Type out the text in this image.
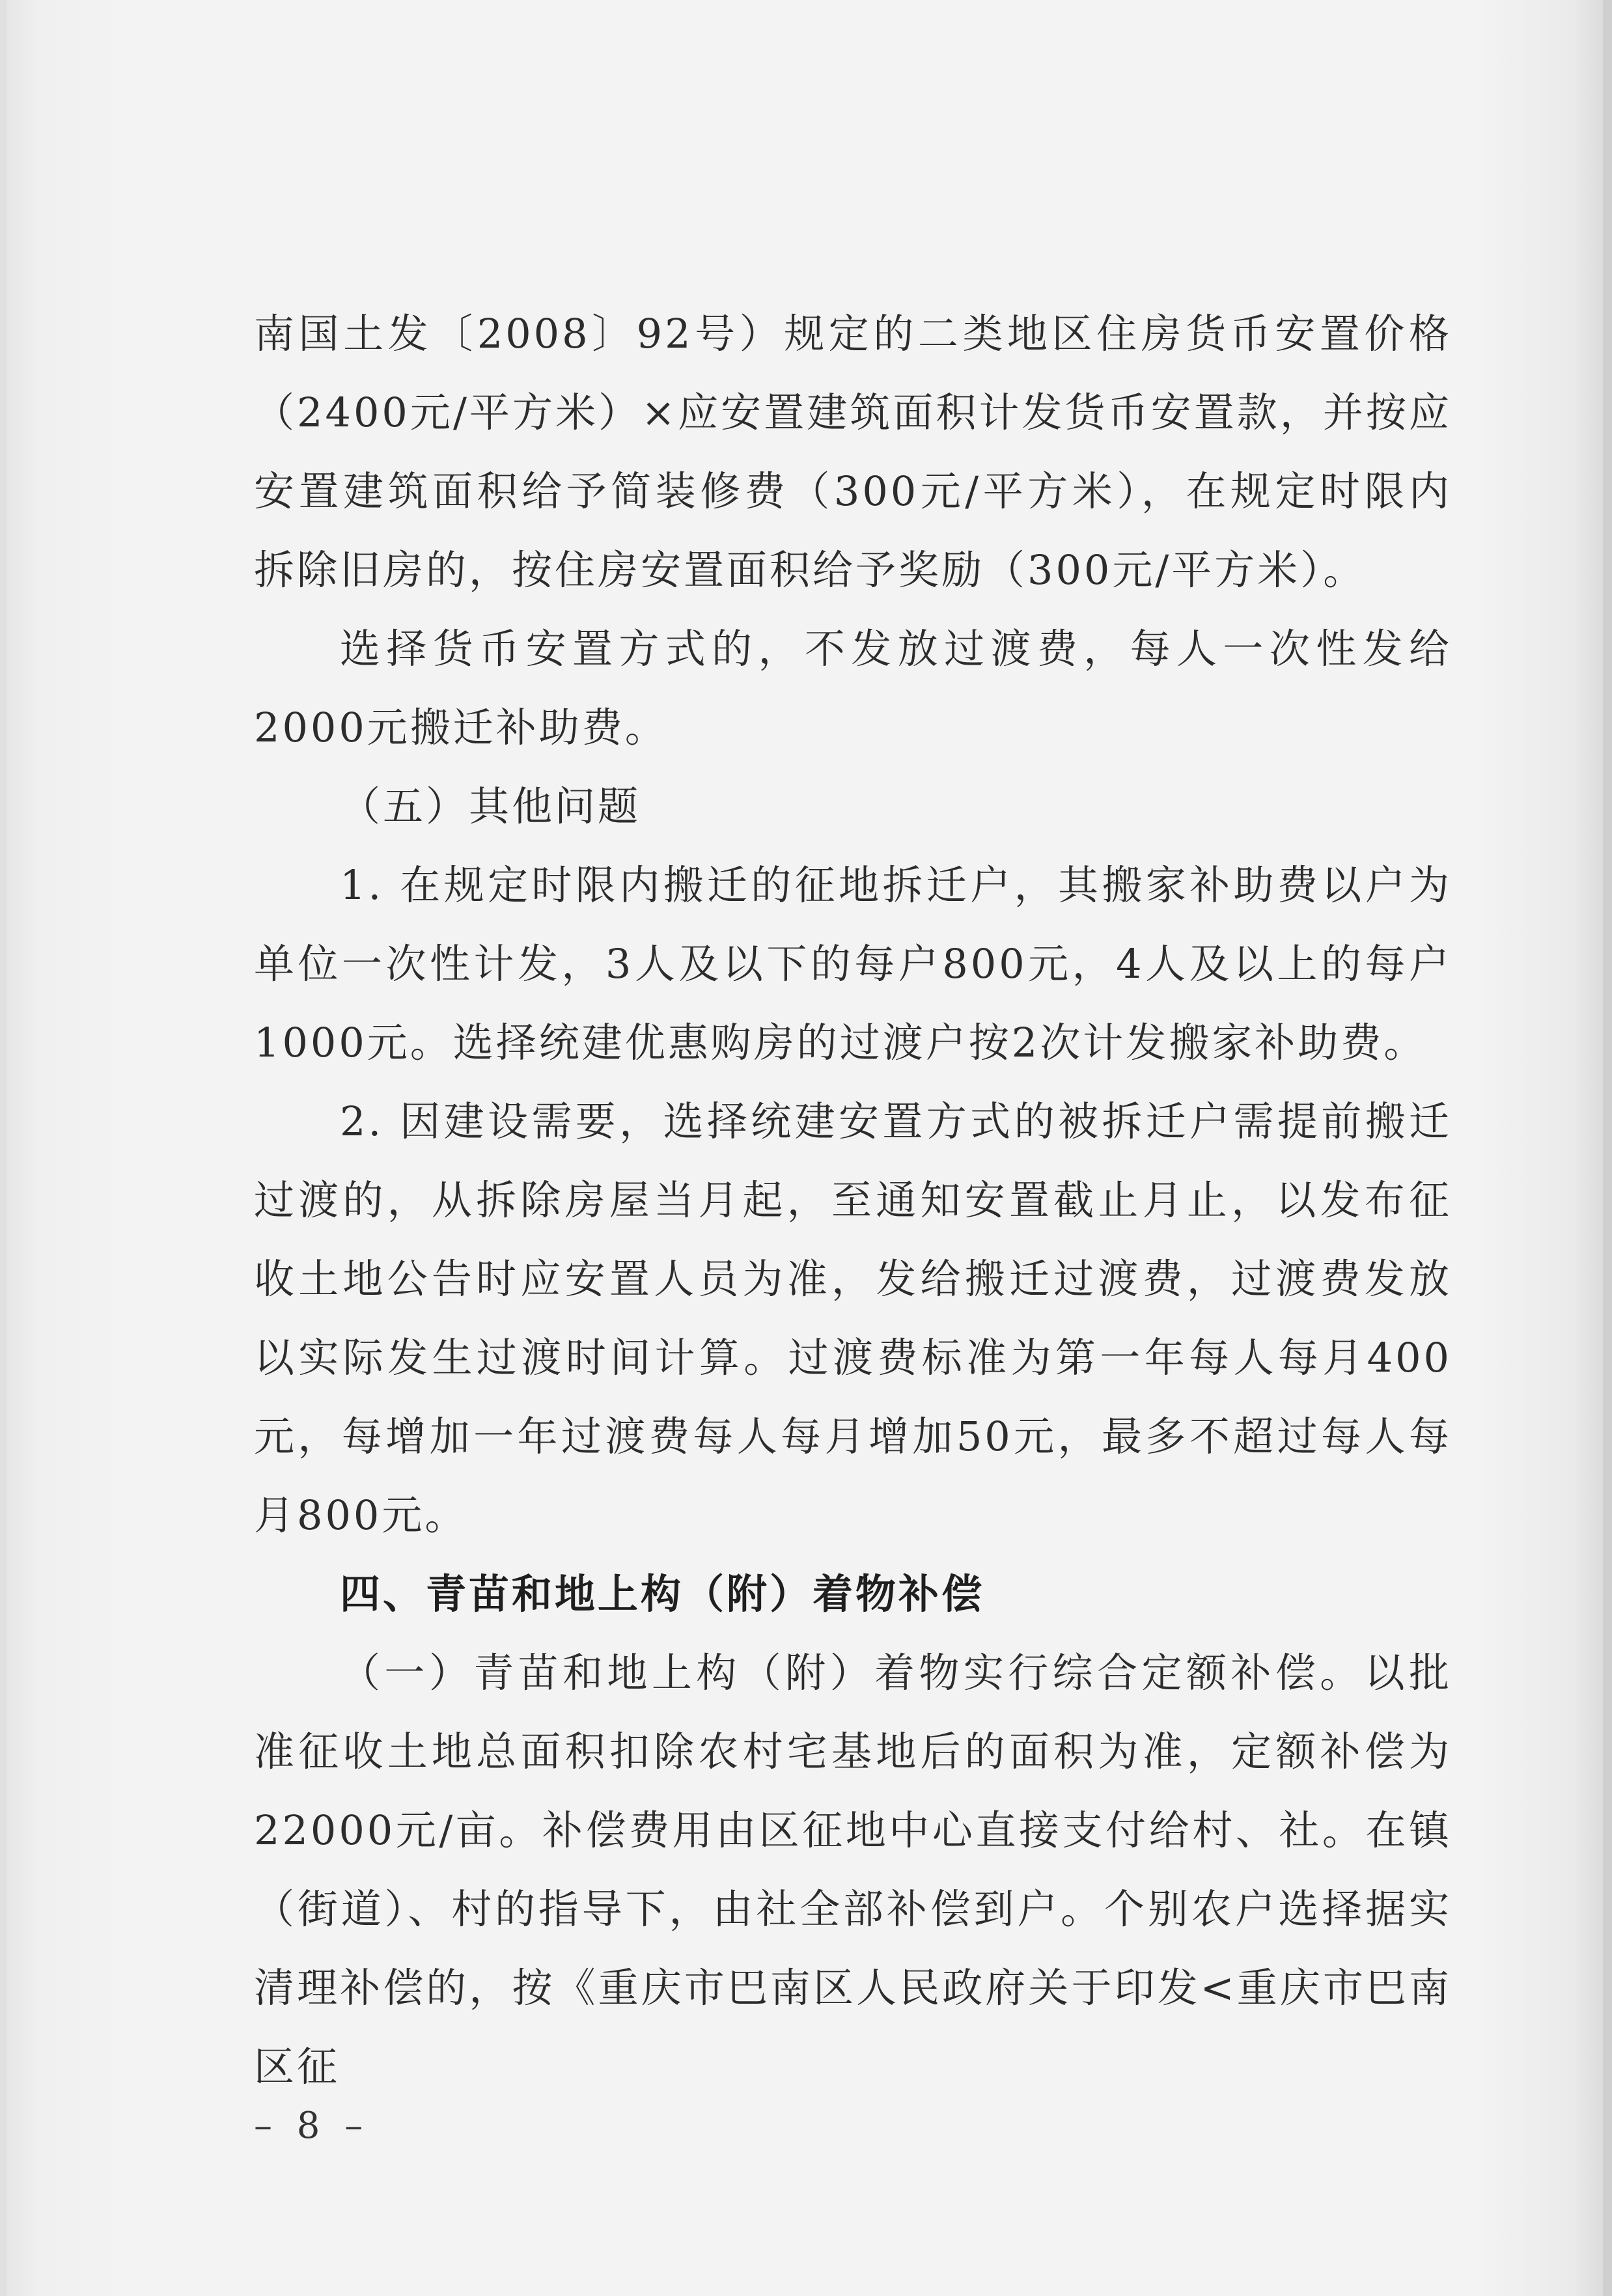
南国土发〔2008〕92号）规定的二类地区住房货币安置价格（2400元/平方米）×应安置建筑面积计发货币安置款，并按应安置建筑面积给予简装修费（300元/平方米），在规定时限内拆除旧房的，按住房安置面积给予奖励（300元/平方米）。

选择货币安置方式的，不发放过渡费，每人一次性发给2000元搬迁补助费。

（五）其他问题

1. 在规定时限内搬迁的征地拆迁户，其搬家补助费以户为单位一次性计发，3人及以下的每户800元，4人及以上的每户1000元。选择统建优惠购房的过渡户按2次计发搬家补助费。

2. 因建设需要，选择统建安置方式的被拆迁户需提前搬迁过渡的，从拆除房屋当月起，至通知安置截止月止，以发布征收土地公告时应安置人员为准，发给搬迁过渡费，过渡费发放以实际发生过渡时间计算。过渡费标准为第一年每人每月400元，每增加一年过渡费每人每月增加50元，最多不超过每人每月800元。

四、青苗和地上构（附）着物补偿

（一）青苗和地上构（附）着物实行综合定额补偿。以批准征收土地总面积扣除农村宅基地后的面积为准，定额补偿为22000元/亩。补偿费用由区征地中心直接支付给村、社。在镇（街道）、村的指导下，由社全部补偿到户。个别农户选择据实清理补偿的，按《重庆市巴南区人民政府关于印发<重庆市巴南区征

– 8 –
